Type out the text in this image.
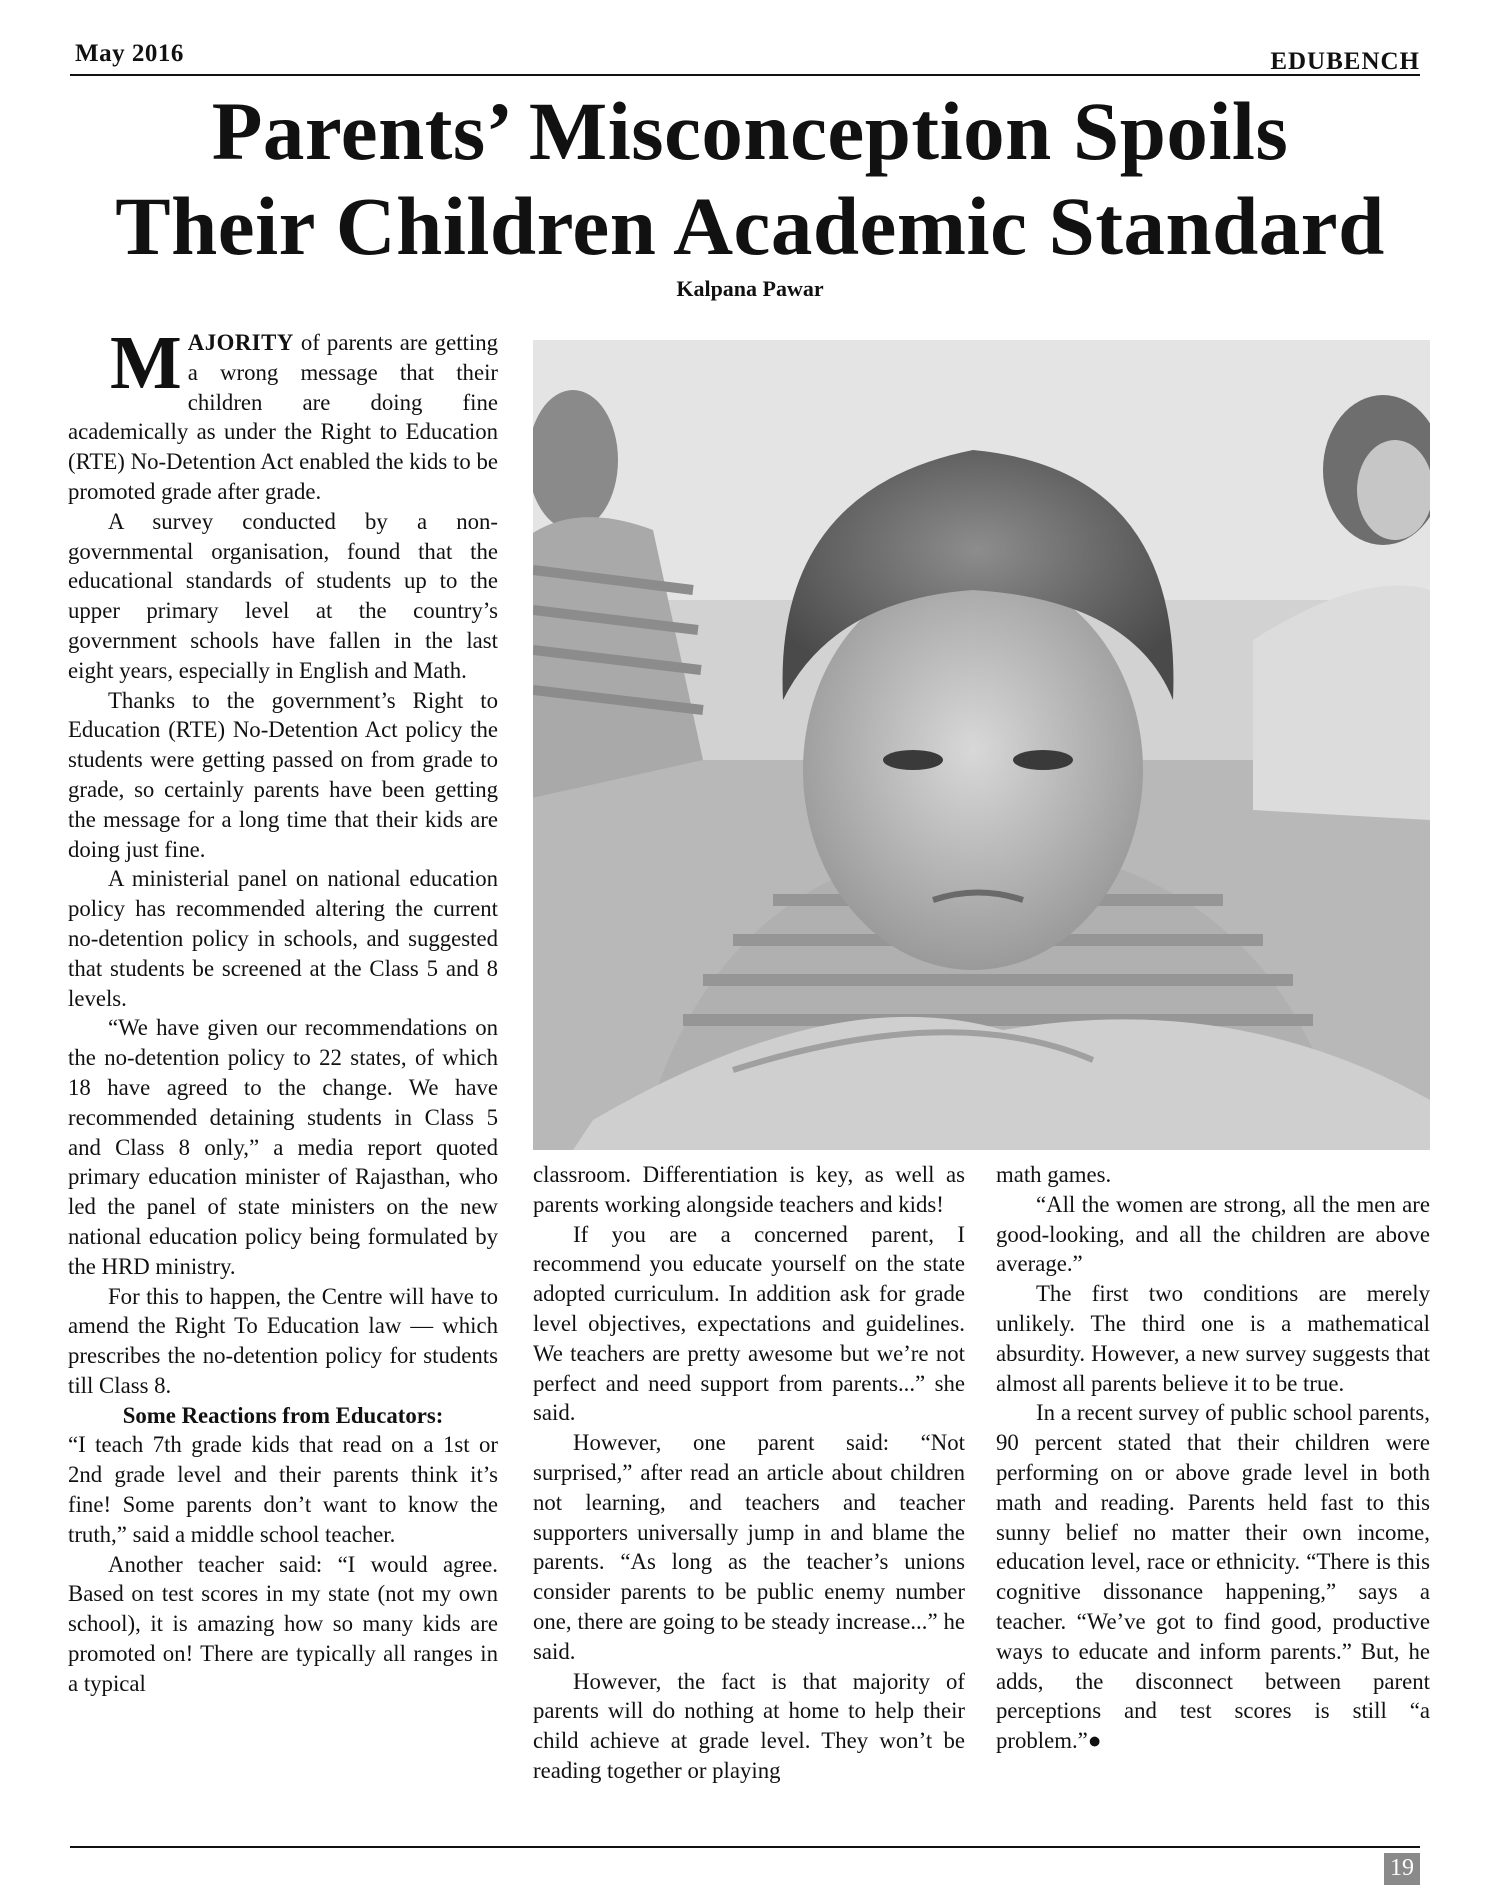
May 2016	EDUBENCH
Parents’ Misconception Spoils
Their Children Academic Standard
Kalpana Pawar

MAJORITY of parents are getting a wrong message that their children are doing fine academically as under the Right to Education (RTE) No-Detention Act enabled the kids to be promoted grade after grade.

A survey conducted by a non-governmental organisation, found that the educational standards of students up to the upper primary level at the country’s government schools have fallen in the last eight years, especially in English and Math.

Thanks to the government’s Right to Education (RTE) No-Detention Act policy the students were getting passed on from grade to grade, so certainly parents have been getting the message for a long time that their kids are doing just fine.

A ministerial panel on national education policy has recommended altering the current no-detention policy in schools, and suggested that students be screened at the Class 5 and 8 levels.

“We have given our recommendations on the no-detention policy to 22 states, of which 18 have agreed to the change. We have recommended detaining students in Class 5 and Class 8 only,” a media report quoted primary education minister of Rajasthan, who led the panel of state ministers on the new national education policy being formulated by the HRD ministry.

For this to happen, the Centre will have to amend the Right To Education law — which prescribes the no-detention policy for students till Class 8.

Some Reactions from Educators:

“I teach 7th grade kids that read on a 1st or 2nd grade level and their parents think it’s fine! Some parents don’t want to know the truth,” said a middle school teacher.

Another teacher said: “I would agree. Based on test scores in my state (not my own school), it is amazing how so many kids are promoted on! There are typically all ranges in a typical

classroom. Differentiation is key, as well as parents working alongside teachers and kids!

If you are a concerned parent, I recommend you educate yourself on the state adopted curriculum. In addition ask for grade level objectives, expectations and guidelines. We teachers are pretty awesome but we’re not perfect and need support from parents...” she said.

However, one parent said: “Not surprised,” after read an article about children not learning, and teachers and teacher supporters universally jump in and blame the parents. “As long as the teacher’s unions consider parents to be public enemy number one, there are going to be steady increase...” he said.

However, the fact is that majority of parents will do nothing at home to help their child achieve at grade level. They won’t be reading together or playing

math games.

“All the women are strong, all the men are good-looking, and all the children are above average.”

The first two conditions are merely unlikely. The third one is a mathematical absurdity. However, a new survey suggests that almost all parents believe it to be true.

In a recent survey of public school parents, 90 percent stated that their children were performing on or above grade level in both math and reading. Parents held fast to this sunny belief no matter their own income, education level, race or ethnicity. “There is this cognitive dissonance happening,” says a teacher. “We’ve got to find good, productive ways to educate and inform parents.” But, he adds, the disconnect between parent perceptions and test scores is still “a problem.”●

19
